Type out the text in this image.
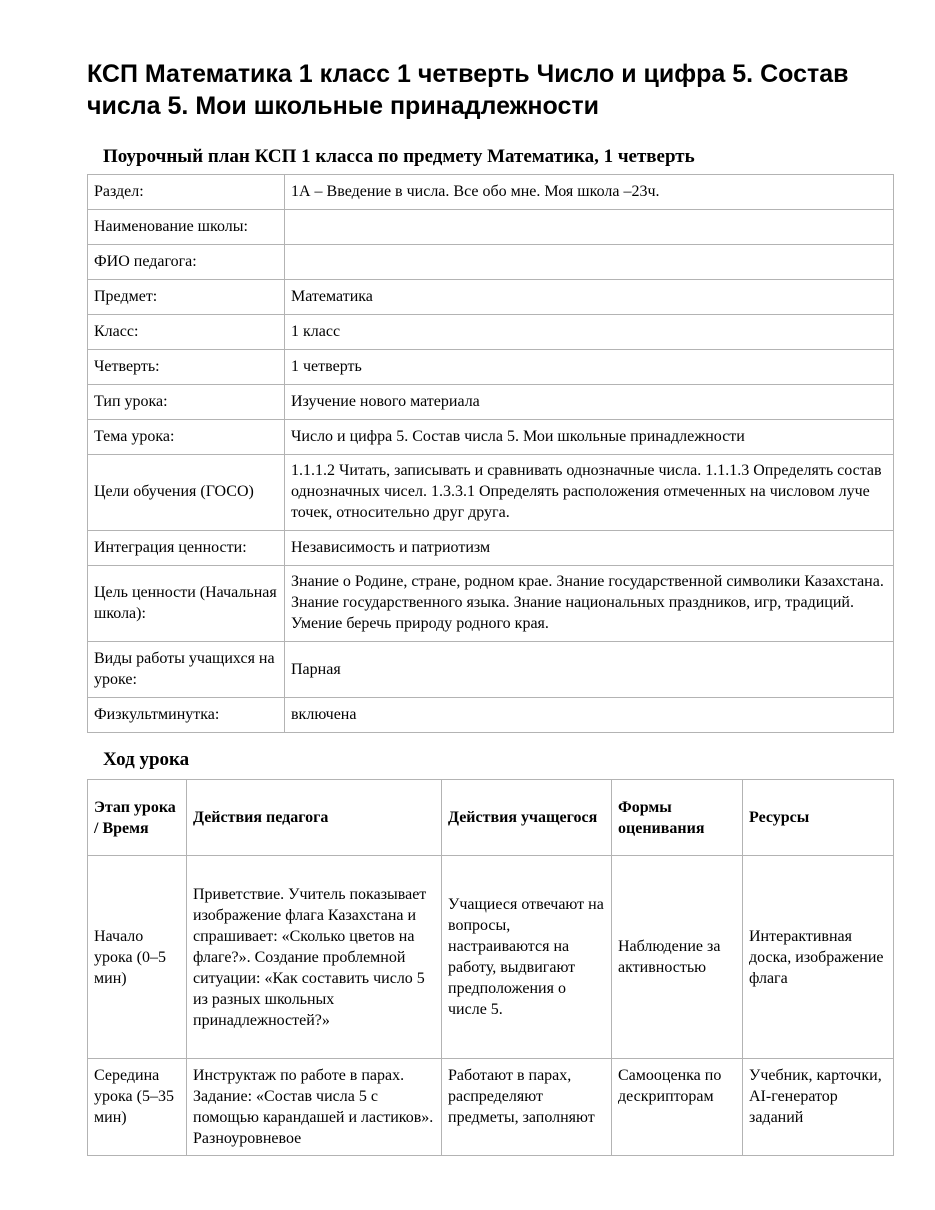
КСП Математика 1 класс 1 четверть Число и цифра 5. Состав числа 5. Мои школьные принадлежности
Поурочный план КСП 1 класса по предмету Математика, 1 четверть
Раздел:	1А – Введение в числа. Все обо мне. Моя школа –23ч.
Наименование школы:	
ФИО педагога:	
Предмет:	Математика
Класс:	1 класс
Четверть:	1 четверть
Тип урока:	Изучение нового материала
Тема урока:	Число и цифра 5. Состав числа 5. Мои школьные принадлежности
Цели обучения (ГОСО)	1.1.1.2 Читать, записывать и сравнивать однозначные числа. 1.1.1.3 Определять состав однозначных чисел. 1.3.3.1 Определять расположения отмеченных на числовом луче точек, относительно друг друга.
Интеграция ценности:	Независимость и патриотизм
Цель ценности (Начальная школа):	Знание о Родине, стране, родном крае. Знание государственной символики Казахстана. Знание государственного языка. Знание национальных праздников, игр, традиций. Умение беречь природу родного края.
Виды работы учащихся на уроке:	Парная
Физкультминутка:	включена
Ход урока
Этап урока / Время	Действия педагога	Действия учащегося	Формы оценивания	Ресурсы
Начало урока (0–5 мин)	Приветствие. Учитель показывает изображение флага Казахстана и спрашивает: «Сколько цветов на флаге?». Создание проблемной ситуации: «Как составить число 5 из разных школьных принадлежностей?»	Учащиеся отвечают на вопросы, настраиваются на работу, выдвигают предположения о числе 5.	Наблюдение за активностью	Интерактивная доска, изображение флага
Середина урока (5–35 мин)	Инструктаж по работе в парах. Задание: «Состав числа 5 с помощью карандашей и ластиков». Разноуровневое	Работают в парах, распределяют предметы, заполняют	Самооценка по дескрипторам	Учебник, карточки, AI-генератор заданий
